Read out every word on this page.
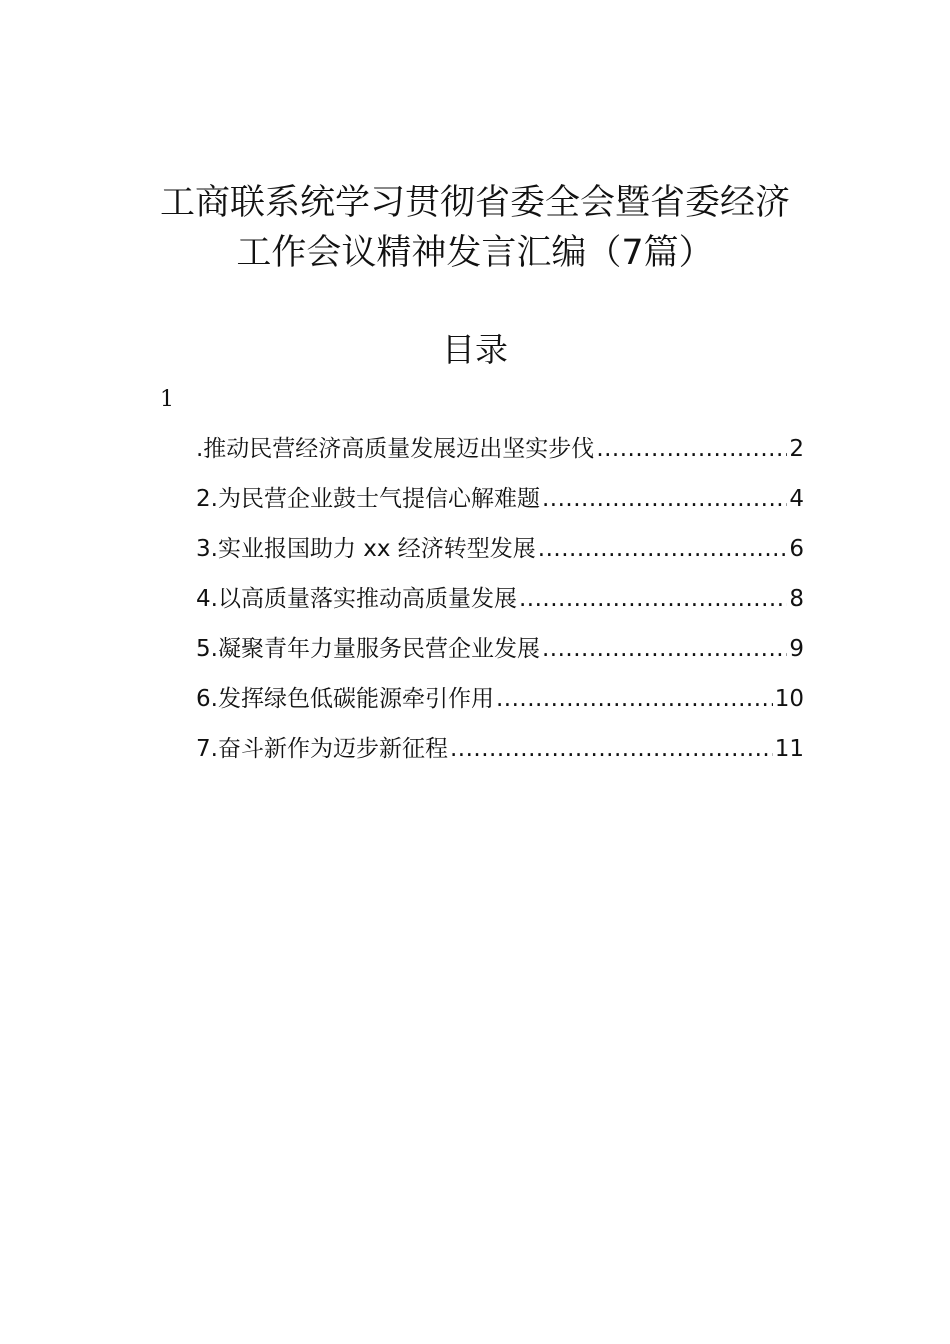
工商联系统学习贯彻省委全会暨省委经济
工作会议精神发言汇编（7篇）
目录
1
.推动民营经济高质量发展迈出坚实步伐 .....	2
2.为民营企业鼓士气提信心解难题 .....	4
3.实业报国助力 xx 经济转型发展 .....	6
4.以高质量落实推动高质量发展 .....	8
5.凝聚青年力量服务民营企业发展 .....	9
6.发挥绿色低碳能源牵引作用 .....	10
7.奋斗新作为迈步新征程 .....	11
